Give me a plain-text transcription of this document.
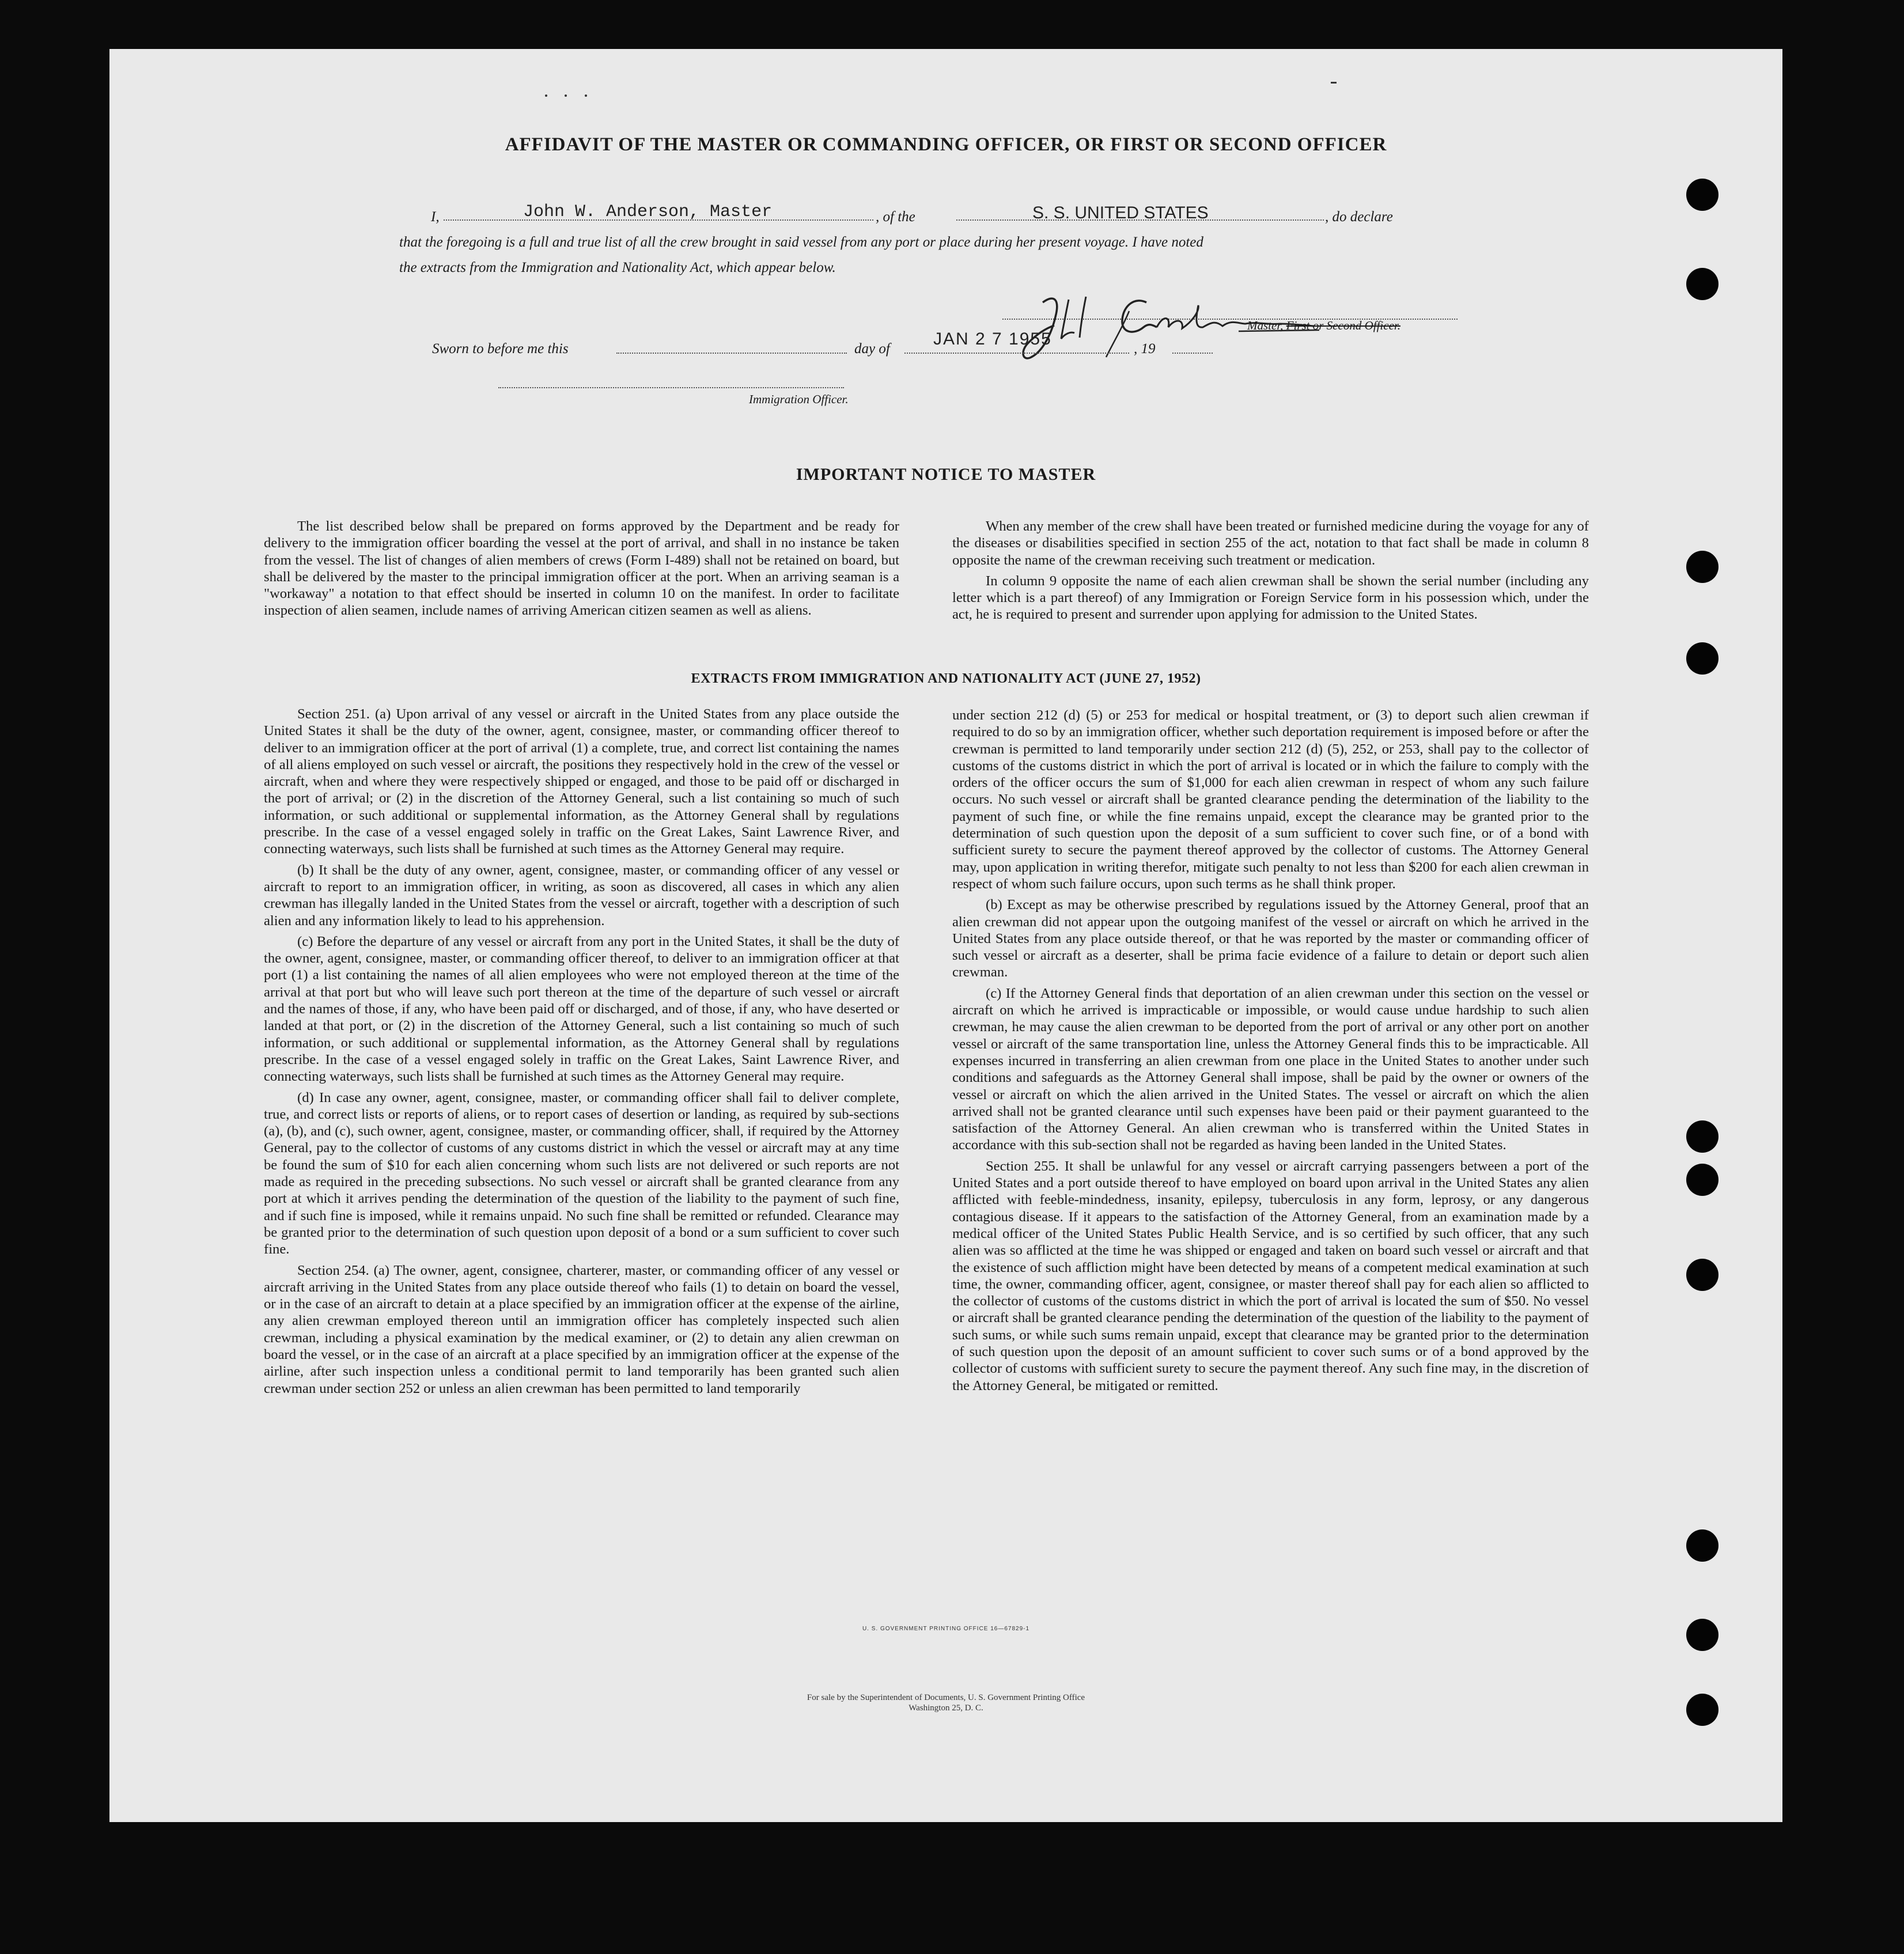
AFFIDAVIT OF THE MASTER OR COMMANDING OFFICER, OR FIRST OR SECOND OFFICER
I,	John W. Anderson, Master	, of the	S. S. UNITED STATES	, do declare
that the foregoing is a full and true list of all the crew brought in said vessel from any port or place during her present voyage. I have noted
the extracts from the Immigration and Nationality Act, which appear below.
Master, First or Second Officer.
Sworn to before me this	day of
JAN 2 7 1955
, 19
Immigration Officer.
IMPORTANT NOTICE TO MASTER

The list described below shall be prepared on forms approved by the Department and be ready for delivery to the immigration officer boarding the vessel at the port of arrival, and shall in no instance be taken from the vessel. The list of changes of alien members of crews (Form I-489) shall not be retained on board, but shall be delivered by the master to the principal immigration officer at the port. When an arriving seaman is a "workaway" a notation to that effect should be inserted in column 10 on the manifest. In order to facilitate inspection of alien seamen, include names of arriving American citizen seamen as well as aliens.

When any member of the crew shall have been treated or furnished medicine during the voyage for any of the diseases or disabilities specified in section 255 of the act, notation to that fact shall be made in column 8 opposite the name of the crewman receiving such treatment or medication.

In column 9 opposite the name of each alien crewman shall be shown the serial number (including any letter which is a part thereof) of any Immigration or Foreign Service form in his possession which, under the act, he is required to present and surrender upon applying for admission to the United States.

EXTRACTS FROM IMMIGRATION AND NATIONALITY ACT (JUNE 27, 1952)

Section 251. (a) Upon arrival of any vessel or aircraft in the United States from any place outside the United States it shall be the duty of the owner, agent, consignee, master, or commanding officer thereof to deliver to an immigration officer at the port of arrival (1) a complete, true, and correct list containing the names of all aliens employed on such vessel or aircraft, the positions they respectively hold in the crew of the vessel or aircraft, when and where they were respectively shipped or engaged, and those to be paid off or discharged in the port of arrival; or (2) in the discretion of the Attorney General, such a list containing so much of such information, or such additional or supplemental information, as the Attorney General shall by regulations prescribe. In the case of a vessel engaged solely in traffic on the Great Lakes, Saint Lawrence River, and connecting waterways, such lists shall be furnished at such times as the Attorney General may require.

(b) It shall be the duty of any owner, agent, consignee, master, or commanding officer of any vessel or aircraft to report to an immigration officer, in writing, as soon as discovered, all cases in which any alien crewman has illegally landed in the United States from the vessel or aircraft, together with a description of such alien and any information likely to lead to his apprehension.

(c) Before the departure of any vessel or aircraft from any port in the United States, it shall be the duty of the owner, agent, consignee, master, or commanding officer thereof, to deliver to an immigration officer at that port (1) a list containing the names of all alien employees who were not employed thereon at the time of the arrival at that port but who will leave such port thereon at the time of the departure of such vessel or aircraft and the names of those, if any, who have been paid off or discharged, and of those, if any, who have deserted or landed at that port, or (2) in the discretion of the Attorney General, such a list containing so much of such information, or such additional or supplemental information, as the Attorney General shall by regulations prescribe. In the case of a vessel engaged solely in traffic on the Great Lakes, Saint Lawrence River, and connecting waterways, such lists shall be furnished at such times as the Attorney General may require.

(d) In case any owner, agent, consignee, master, or commanding officer shall fail to deliver complete, true, and correct lists or reports of aliens, or to report cases of desertion or landing, as required by sub-sections (a), (b), and (c), such owner, agent, consignee, master, or commanding officer, shall, if required by the Attorney General, pay to the collector of customs of any customs district in which the vessel or aircraft may at any time be found the sum of $10 for each alien concerning whom such lists are not delivered or such reports are not made as required in the preceding subsections. No such vessel or aircraft shall be granted clearance from any port at which it arrives pending the determination of the question of the liability to the payment of such fine, and if such fine is imposed, while it remains unpaid. No such fine shall be remitted or refunded. Clearance may be granted prior to the determination of such question upon deposit of a bond or a sum sufficient to cover such fine.

Section 254. (a) The owner, agent, consignee, charterer, master, or commanding officer of any vessel or aircraft arriving in the United States from any place outside thereof who fails (1) to detain on board the vessel, or in the case of an aircraft to detain at a place specified by an immigration officer at the expense of the airline, any alien crewman employed thereon until an immigration officer has completely inspected such alien crewman, including a physical examination by the medical examiner, or (2) to detain any alien crewman on board the vessel, or in the case of an aircraft at a place specified by an immigration officer at the expense of the airline, after such inspection unless a conditional permit to land temporarily has been granted such alien crewman under section 252 or unless an alien crewman has been permitted to land temporarily

under section 212 (d) (5) or 253 for medical or hospital treatment, or (3) to deport such alien crewman if required to do so by an immigration officer, whether such deportation requirement is imposed before or after the crewman is permitted to land temporarily under section 212 (d) (5), 252, or 253, shall pay to the collector of customs of the customs district in which the port of arrival is located or in which the failure to comply with the orders of the officer occurs the sum of $1,000 for each alien crewman in respect of whom any such failure occurs. No such vessel or aircraft shall be granted clearance pending the determination of the liability to the payment of such fine, or while the fine remains unpaid, except the clearance may be granted prior to the determination of such question upon the deposit of a sum sufficient to cover such fine, or of a bond with sufficient surety to secure the payment thereof approved by the collector of customs. The Attorney General may, upon application in writing therefor, mitigate such penalty to not less than $200 for each alien crewman in respect of whom such failure occurs, upon such terms as he shall think proper.

(b) Except as may be otherwise prescribed by regulations issued by the Attorney General, proof that an alien crewman did not appear upon the outgoing manifest of the vessel or aircraft on which he arrived in the United States from any place outside thereof, or that he was reported by the master or commanding officer of such vessel or aircraft as a deserter, shall be prima facie evidence of a failure to detain or deport such alien crewman.

(c) If the Attorney General finds that deportation of an alien crewman under this section on the vessel or aircraft on which he arrived is impracticable or impossible, or would cause undue hardship to such alien crewman, he may cause the alien crewman to be deported from the port of arrival or any other port on another vessel or aircraft of the same transportation line, unless the Attorney General finds this to be impracticable. All expenses incurred in transferring an alien crewman from one place in the United States to another under such conditions and safeguards as the Attorney General shall impose, shall be paid by the owner or owners of the vessel or aircraft on which the alien arrived in the United States. The vessel or aircraft on which the alien arrived shall not be granted clearance until such expenses have been paid or their payment guaranteed to the satisfaction of the Attorney General. An alien crewman who is transferred within the United States in accordance with this sub-section shall not be regarded as having been landed in the United States.

Section 255. It shall be unlawful for any vessel or aircraft carrying passengers between a port of the United States and a port outside thereof to have employed on board upon arrival in the United States any alien afflicted with feeble-mindedness, insanity, epilepsy, tuberculosis in any form, leprosy, or any dangerous contagious disease. If it appears to the satisfaction of the Attorney General, from an examination made by a medical officer of the United States Public Health Service, and is so certified by such officer, that any such alien was so afflicted at the time he was shipped or engaged and taken on board such vessel or aircraft and that the existence of such affliction might have been detected by means of a competent medical examination at such time, the owner, commanding officer, agent, consignee, or master thereof shall pay for each alien so afflicted to the collector of customs of the customs district in which the port of arrival is located the sum of $50. No vessel or aircraft shall be granted clearance pending the determination of the question of the liability to the payment of such sums, or while such sums remain unpaid, except that clearance may be granted prior to the determination of such question upon the deposit of an amount sufficient to cover such sums or of a bond approved by the collector of customs with sufficient surety to secure the payment thereof. Any such fine may, in the discretion of the Attorney General, be mitigated or remitted.

U. S. GOVERNMENT PRINTING OFFICE 16—67829-1
For sale by the Superintendent of Documents, U. S. Government Printing Office
Washington 25, D. C.
